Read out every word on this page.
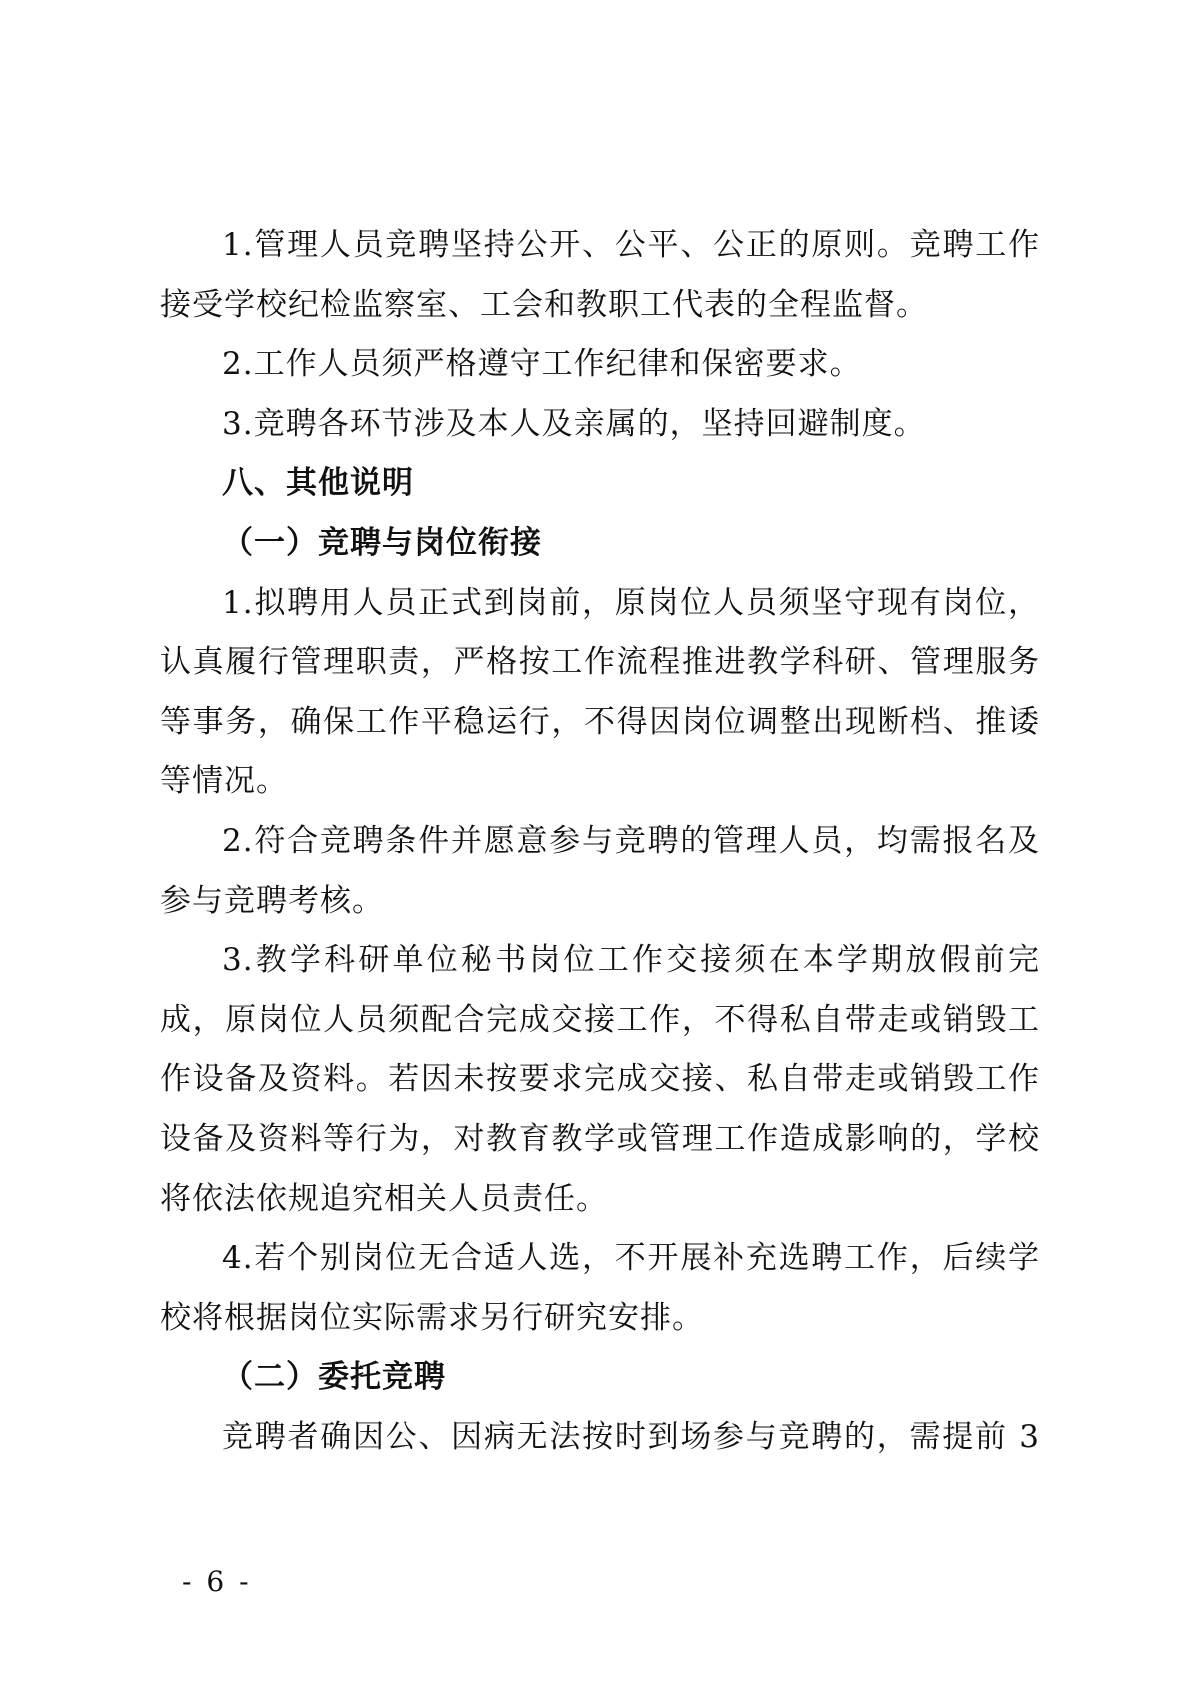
1.管理人员竞聘坚持公开、公平、公正的原则。竞聘工作
接受学校纪检监察室、工会和教职工代表的全程监督。
2.工作人员须严格遵守工作纪律和保密要求。
3.竞聘各环节涉及本人及亲属的，坚持回避制度。
八、其他说明
（一）竞聘与岗位衔接
1.拟聘用人员正式到岗前，原岗位人员须坚守现有岗位，
认真履行管理职责，严格按工作流程推进教学科研、管理服务
等事务，确保工作平稳运行，不得因岗位调整出现断档、推诿
等情况。
2.符合竞聘条件并愿意参与竞聘的管理人员，均需报名及
参与竞聘考核。
3.教学科研单位秘书岗位工作交接须在本学期放假前完
成，原岗位人员须配合完成交接工作，不得私自带走或销毁工
作设备及资料。若因未按要求完成交接、私自带走或销毁工作
设备及资料等行为，对教育教学或管理工作造成影响的，学校
将依法依规追究相关人员责任。
4.若个别岗位无合适人选，不开展补充选聘工作，后续学
校将根据岗位实际需求另行研究安排。
（二）委托竞聘
竞聘者确因公、因病无法按时到场参与竞聘的，需提前 3
- 6 -
